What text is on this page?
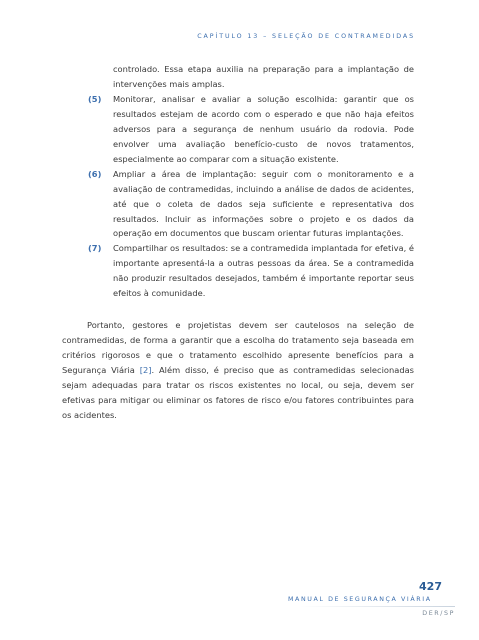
CAPÍTULO 13 – SELEÇÃO DE CONTRAMEDIDAS

controlado. Essa etapa auxilia na preparação para a implantação de intervenções mais amplas.

(5) Monitorar, analisar e avaliar a solução escolhida: garantir que os resultados estejam de acordo com o esperado e que não haja efeitos adversos para a segurança de nenhum usuário da rodovia. Pode envolver uma avaliação benefício-custo de novos tratamentos, especialmente ao comparar com a situação existente.
(6) Ampliar a área de implantação: seguir com o monitoramento e a avaliação de contramedidas, incluindo a análise de dados de acidentes, até que o coleta de dados seja suficiente e representativa dos resultados. Incluir as informações sobre o projeto e os dados da operação em documentos que buscam orientar futuras implantações.
(7) Compartilhar os resultados: se a contramedida implantada for efetiva, é importante apresentá-la a outras pessoas da área. Se a contramedida não produzir resultados desejados, também é importante reportar seus efeitos à comunidade.

Portanto, gestores e projetistas devem ser cautelosos na seleção de contramedidas, de forma a garantir que a escolha do tratamento seja baseada em critérios rigorosos e que o tratamento escolhido apresente benefícios para a Segurança Viária [2]. Além disso, é preciso que as contramedidas selecionadas sejam adequadas para tratar os riscos existentes no local, ou seja, devem ser efetivas para mitigar ou eliminar os fatores de risco e/ou fatores contribuintes para os acidentes.

427
MANUAL DE SEGURANÇA VIÁRIA
DER/SP
